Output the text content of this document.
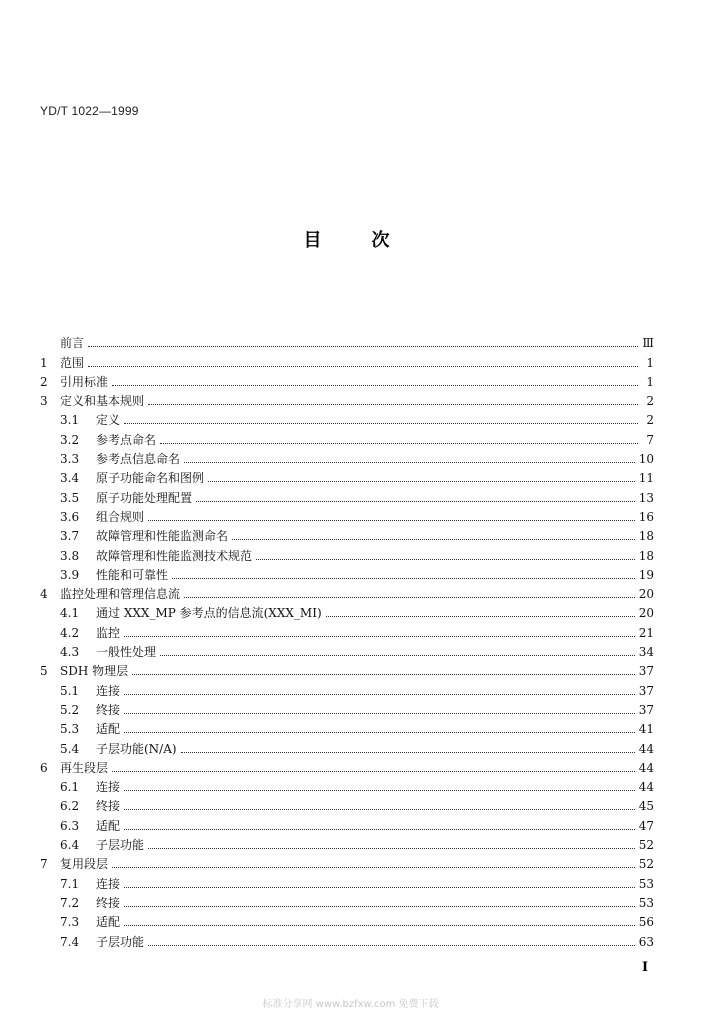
YD/T 1022—1999
目	次
前言	Ⅲ
1	范围	1
2	引用标准	1
3	定义和基本规则	2
3.1	定义	2
3.2	参考点命名	7
3.3	参考点信息命名	10
3.4	原子功能命名和图例	11
3.5	原子功能处理配置	13
3.6	组合规则	16
3.7	故障管理和性能监测命名	18
3.8	故障管理和性能监测技术规范	18
3.9	性能和可靠性	19
4	监控处理和管理信息流	20
4.1	通过 XXX_MP 参考点的信息流(XXX_MI)	20
4.2	监控	21
4.3	一般性处理	34
5	SDH 物理层	37
5.1	连接	37
5.2	终接	37
5.3	适配	41
5.4	子层功能(N/A)	44
6	再生段层	44
6.1	连接	44
6.2	终接	45
6.3	适配	47
6.4	子层功能	52
7	复用段层	52
7.1	连接	53
7.2	终接	53
7.3	适配	56
7.4	子层功能	63
Ⅰ
标准分享网 www.bzfxw.com 免费下载
